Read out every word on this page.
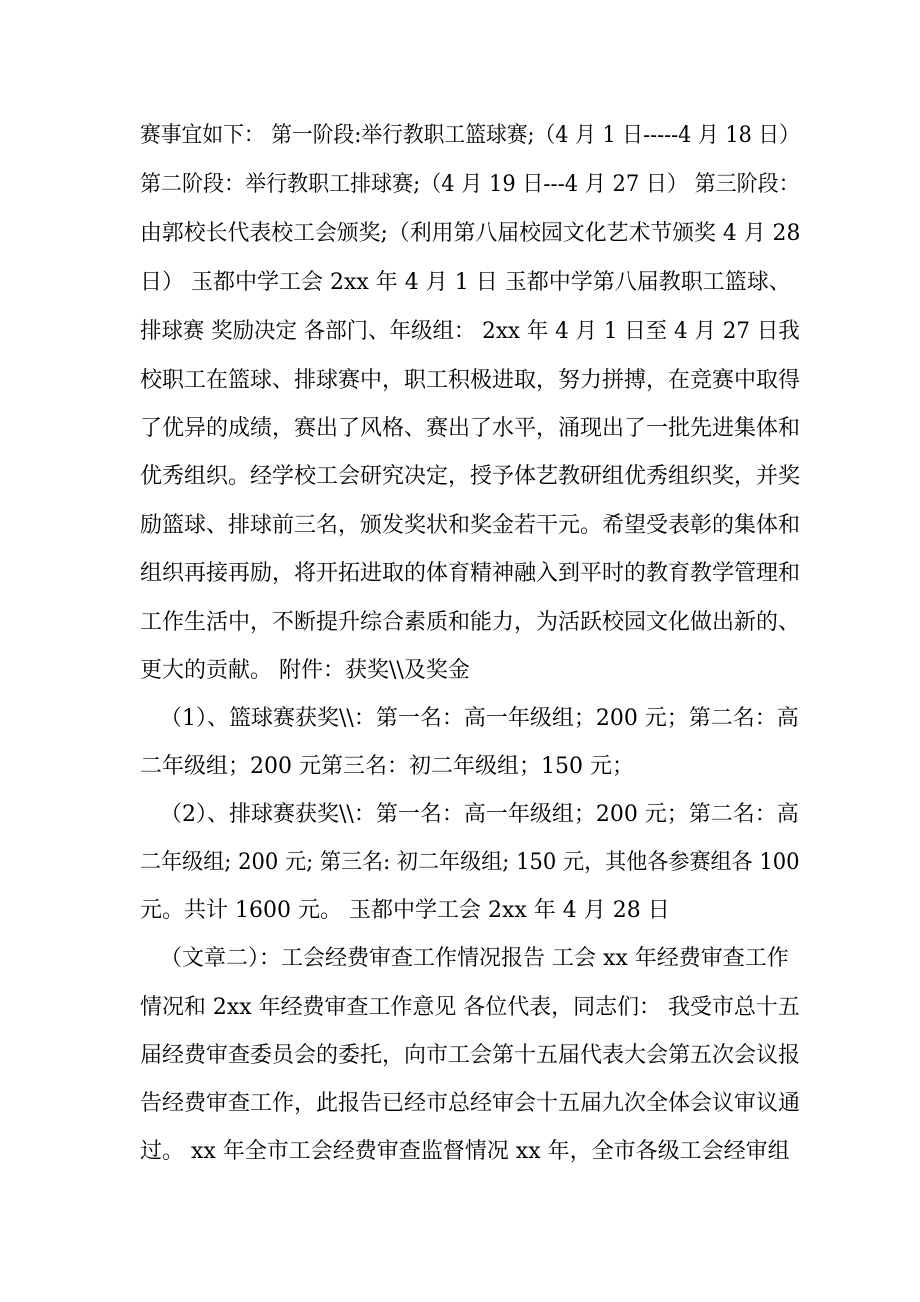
赛事宜如下： 第一阶段:举行教职工篮球赛;（4 月 1 日-----4 月 18 日）
第二阶段：举行教职工排球赛;（4 月 19 日---4 月 27 日） 第三阶段：
由郭校长代表校工会颁奖;（利用第八届校园文化艺术节颁奖 4 月 28
日） 玉都中学工会 2xx 年 4 月 1 日 玉都中学第八届教职工篮球、
排球赛 奖励决定 各部门、年级组： 2xx 年 4 月 1 日至 4 月 27 日我
校职工在篮球、排球赛中，职工积极进取，努力拼搏，在竞赛中取得
了优异的成绩，赛出了风格、赛出了水平，涌现出了一批先进集体和
优秀组织。经学校工会研究决定，授予体艺教研组优秀组织奖，并奖
励篮球、排球前三名，颁发奖状和奖金若干元。希望受表彰的集体和
组织再接再励，将开拓进取的体育精神融入到平时的教育教学管理和
工作生活中，不断提升综合素质和能力，为活跃校园文化做出新的、
更大的贡献。 附件：获奖\\及奖金
（1）、篮球赛获奖\\：第一名：高一年级组；200 元；第二名：高
二年级组；200 元第三名：初二年级组；150 元；
（2）、排球赛获奖\\：第一名：高一年级组；200 元；第二名：高
二年级组; 200 元; 第三名: 初二年级组; 150 元，其他各参赛组各 100
元。共计 1600 元。 玉都中学工会 2xx 年 4 月 28 日
（文章二）：工会经费审查工作情况报告 工会 xx 年经费审查工作
情况和 2xx 年经费审查工作意见 各位代表，同志们： 我受市总十五
届经费审查委员会的委托，向市工会第十五届代表大会第五次会议报
告经费审查工作，此报告已经市总经审会十五届九次全体会议审议通
过。 xx 年全市工会经费审查监督情况 xx 年，全市各级工会经审组
